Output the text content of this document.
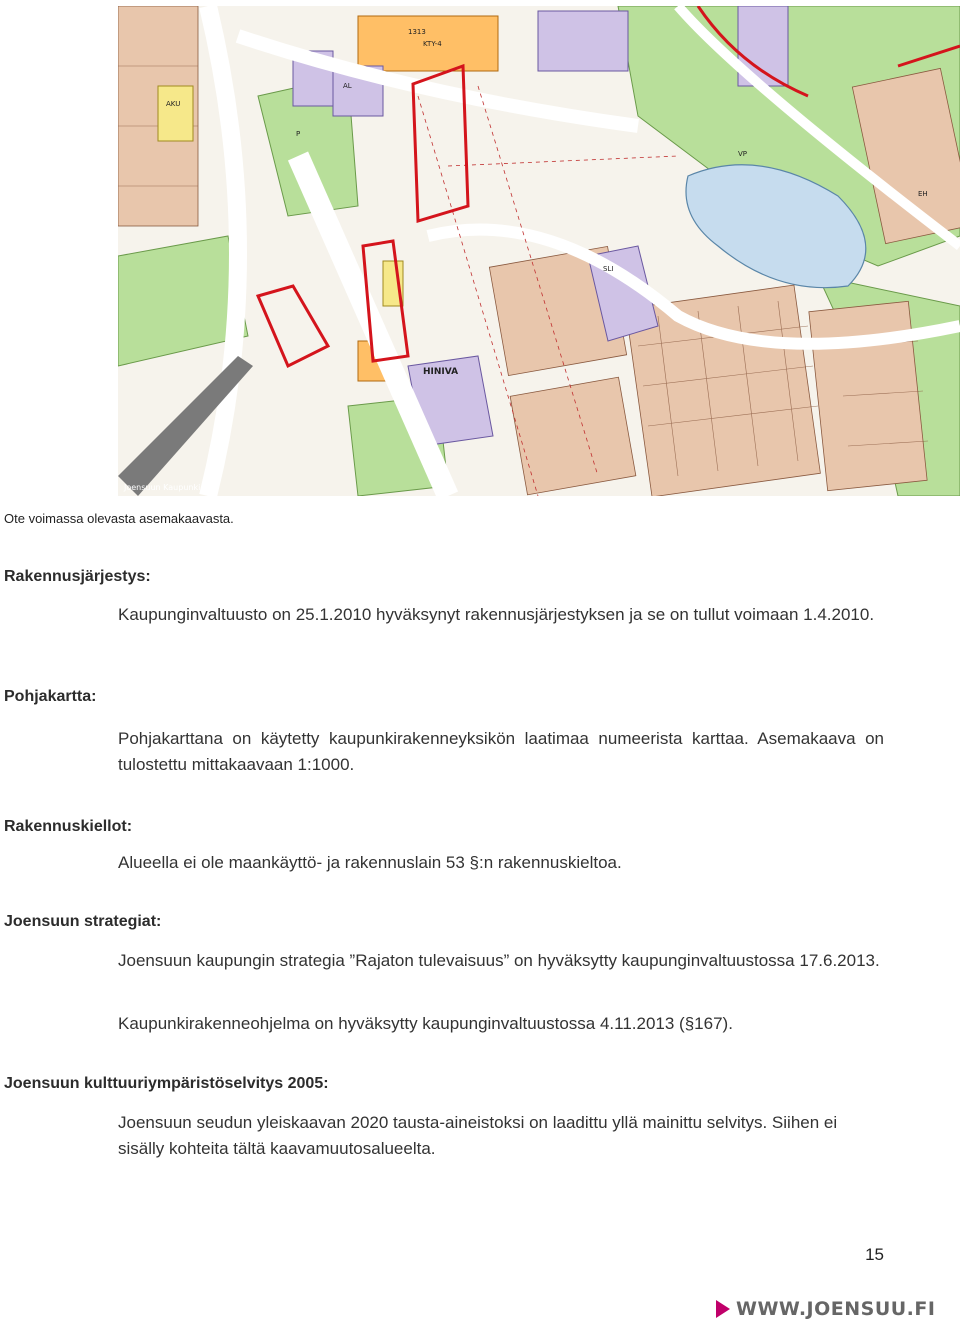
1313
KTY-4
AL
AKU
VP
SLI
HINIVA
P
EH
Joensuun Kaupunki
Ote voimassa olevasta asemakaavasta.
Rakennusjärjestys:
Kaupunginvaltuusto on 25.1.2010 hyväksynyt rakennusjärjestyksen ja se on tullut voimaan 1.4.2010.
Pohjakartta:
Pohjakarttana on käytetty kaupunkirakenneyksikön laatimaa numeerista karttaa. Asemakaava on tulostettu mittakaavaan 1:1000.
Rakennuskiellot:
Alueella ei ole maankäyttö- ja rakennuslain 53 §:n rakennuskieltoa.
Joensuun strategiat:
Joensuun kaupungin strategia ”Rajaton tulevaisuus” on hyväksytty kaupunginvaltuustossa 17.6.2013.
Kaupunkirakenneohjelma on hyväksytty kaupunginvaltuustossa 4.11.2013 (§167).
Joensuun kulttuuriympäristöselvitys 2005:
Joensuun seudun yleiskaavan 2020 tausta-aineistoksi on laadittu yllä mainittu selvitys. Siihen ei sisälly kohteita tältä kaavamuutosalueelta.
15
WWW.JOENSUU.FI
